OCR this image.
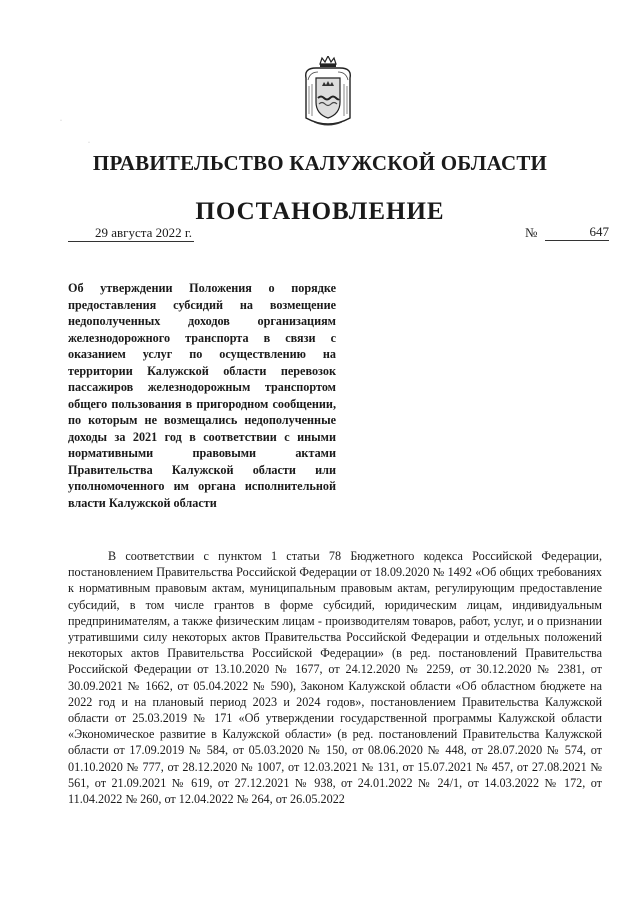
·
·
ПРАВИТЕЛЬСТВО КАЛУЖСКОЙ ОБЛАСТИ
ПОСТАНОВЛЕНИЕ
29 августа 2022 г.	№	647
Об утверждении Положения о порядке предоставления субсидий на возмещение недополученных доходов организациям железнодорожного транспорта в связи с оказанием услуг по осуществлению на территории Калужской области перевозок пассажиров железнодорожным транспортом общего пользования в пригородном сообщении, по которым не возмещались недополученные доходы за 2021 год в соответствии с иными нормативными правовыми актами Правительства Калужской области или уполномоченного им органа исполнительной власти Калужской области

В соответствии с пунктом 1 статьи 78 Бюджетного кодекса Российской Федерации, постановлением Правительства Российской Федерации от 18.09.2020 № 1492 «Об общих требованиях к нормативным правовым актам, муниципальным правовым актам, регулирующим предоставление субсидий, в том числе грантов в форме субсидий, юридическим лицам, индивидуальным предпринимателям, а также физическим лицам - производителям товаров, работ, услуг, и о признании утратившими силу некоторых актов Правительства Российской Федерации и отдельных положений некоторых актов Правительства Российской Федерации» (в ред. постановлений Правительства Российской Федерации от 13.10.2020 № 1677, от 24.12.2020 № 2259, от 30.12.2020 № 2381, от 30.09.2021 № 1662, от 05.04.2022 № 590), Законом Калужской области «Об областном бюджете на 2022 год и на плановый период 2023 и 2024 годов», постановлением Правительства Калужской области от 25.03.2019 № 171 «Об утверждении государственной программы Калужской области «Экономическое развитие в Калужской области» (в ред. постановлений Правительства Калужской области от 17.09.2019 № 584, от 05.03.2020 № 150, от 08.06.2020 № 448, от 28.07.2020 № 574, от 01.10.2020 № 777, от 28.12.2020 № 1007, от 12.03.2021 № 131, от 15.07.2021 № 457, от 27.08.2021 № 561, от 21.09.2021 № 619, от 27.12.2021 № 938, от 24.01.2022 № 24/1, от 14.03.2022 № 172, от 11.04.2022 № 260, от 12.04.2022 № 264, от 26.05.2022
